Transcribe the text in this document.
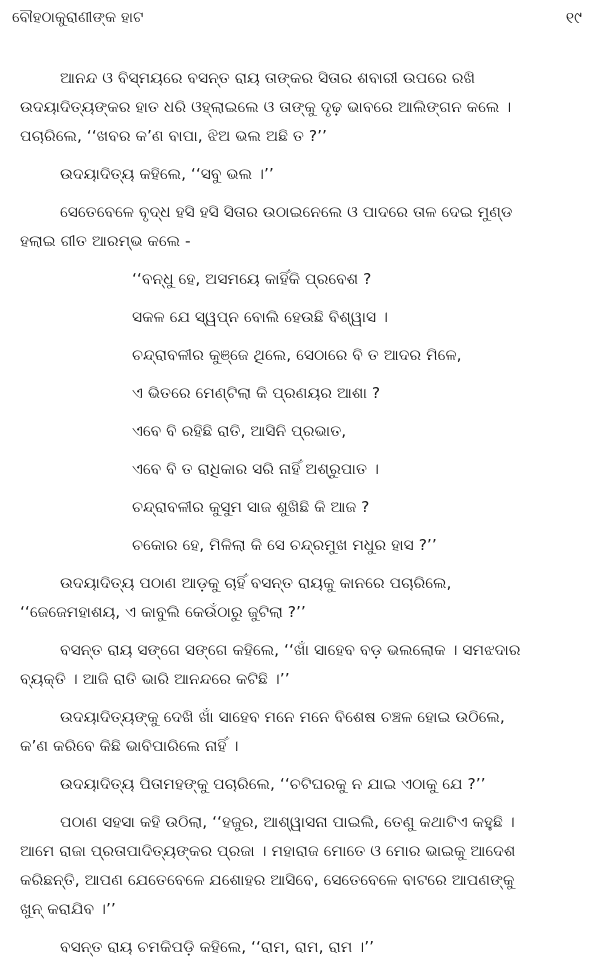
ବୌହଠାକୁରାଣୀଙ୍କ ହାଟ	୧୯
ଆନନ୍ଦ ଓ ବିସ୍ମୟରେ ବସନ୍ତ ରାୟ ତାଙ୍କର ସିତାର ଶବାରୀ ଉପରେ ରଖି
ଉଦୟାଦିତ୍ୟଙ୍କର ହାତ ଧରି ଓହ୍ଲାଇଲେ ଓ ତାଙ୍କୁ ଦୃଢ଼ ଭାବରେ ଆଲିଙ୍ଗନ କଲେ ।
ପଚାରିଲେ, ‘‘ଖବର କ’ଣ ବାପା, ଝିଅ ଭଲ ଅଛି ତ ?’’
ଉଦୟାଦିତ୍ୟ କହିଲେ, ‘‘ସବୁ ଭଲ ।’’
ସେତେବେଳେ ବୃଦ୍ଧ ହସି ହସି ସିତାର ଉଠାଇନେଲେ ଓ ପାଦରେ ତାଳ ଦେଇ ମୁଣ୍ଡ
ହଲାଇ ଗୀତ ଆରମ୍ଭ କଲେ -
‘‘ବନ୍ଧୁ ହେ, ଅସମୟେ କାହିଁକି ପ୍ରବେଶ ?
ସକଳ ଯେ ସ୍ୱପ୍ନ ବୋଲି ହେଉଛି ବିଶ୍ୱାସ ।
ଚନ୍ଦ୍ରାବଳୀର କୁଞ୍ଜେ ଥିଲେ, ସେଠାରେ ବି ତ ଆଦର ମିଳେ,
ଏ ଭିତରେ ମେଣ୍ଟିଲା କି ପ୍ରଣୟର ଆଶା ?
ଏବେ ବି ରହିଛି ରାତି, ଆସିନି ପ୍ରଭାତ,
ଏବେ ବି ତ ରାଧିକାର ସରି ନାହିଁ ଅଶ୍ରୁପାତ ।
ଚନ୍ଦ୍ରାବଳୀର କୁସୁମ ସାଜ ଶୁଖିଛି କି ଆଜ ?
ଚକୋର ହେ, ମିଳିଲା କି ସେ ଚନ୍ଦ୍ରମୁଖ ମଧୁର ହାସ ?’’
ଉଦୟାଦିତ୍ୟ ପଠାଣ ଆଡ଼କୁ ଚାହିଁ ବସନ୍ତ ରାୟକୁ କାନରେ ପଚାରିଲେ,
‘‘ଜେଜେମହାଶୟ, ଏ କାବୁଲି କେଉଁଠାରୁ ଜୁଟିଲା ?’’
ବସନ୍ତ ରାୟ ସଙ୍ଗେ ସଙ୍ଗେ କହିଲେ, ‘‘ଖାଁ ସାହେବ ବଡ଼ ଭଲଲୋକ । ସମଝଦାର
ବ୍ୟକ୍ତି । ଆଜି ରାତି ଭାରି ଆନନ୍ଦରେ କଟିଛି ।’’
ଉଦୟାଦିତ୍ୟଙ୍କୁ ଦେଖି ଖାଁ ସାହେବ ମନେ ମନେ ବିଶେଷ ଚଞ୍ଚଳ ହୋଇ ଉଠିଲେ,
କ’ଣ କରିବେ କିଛି ଭାବିପାରିଲେ ନାହିଁ ।
ଉଦୟାଦିତ୍ୟ ପିତାମହଙ୍କୁ ପଚାରିଲେ, ‘‘ଚଟିଘରକୁ ନ ଯାଇ ଏଠାକୁ ଯେ ?’’
ପଠାଣ ସହସା କହି ଉଠିଲା, ‘‘ହଜୁର, ଆଶ୍ୱାସନା ପାଇଲି, ତେଣୁ କଥାଟିଏ କହୁଛି ।
ଆମେ ରାଜା ପ୍ରତାପାଦିତ୍ୟଙ୍କର ପ୍ରଜା । ମହାରାଜ ମୋତେ ଓ ମୋର ଭାଇକୁ ଆଦେଶ
କରିଛନ୍ତି, ଆପଣ ଯେତେବେଳେ ଯଶୋହର ଆସିବେ, ସେତେବେଳେ ବାଟରେ ଆପଣଙ୍କୁ
ଖୁନ୍ କରାଯିବ ।’’
ବସନ୍ତ ରାୟ ଚମକିପଡ଼ି କହିଲେ, ‘‘ରାମ, ରାମ, ରାମ ।’’
